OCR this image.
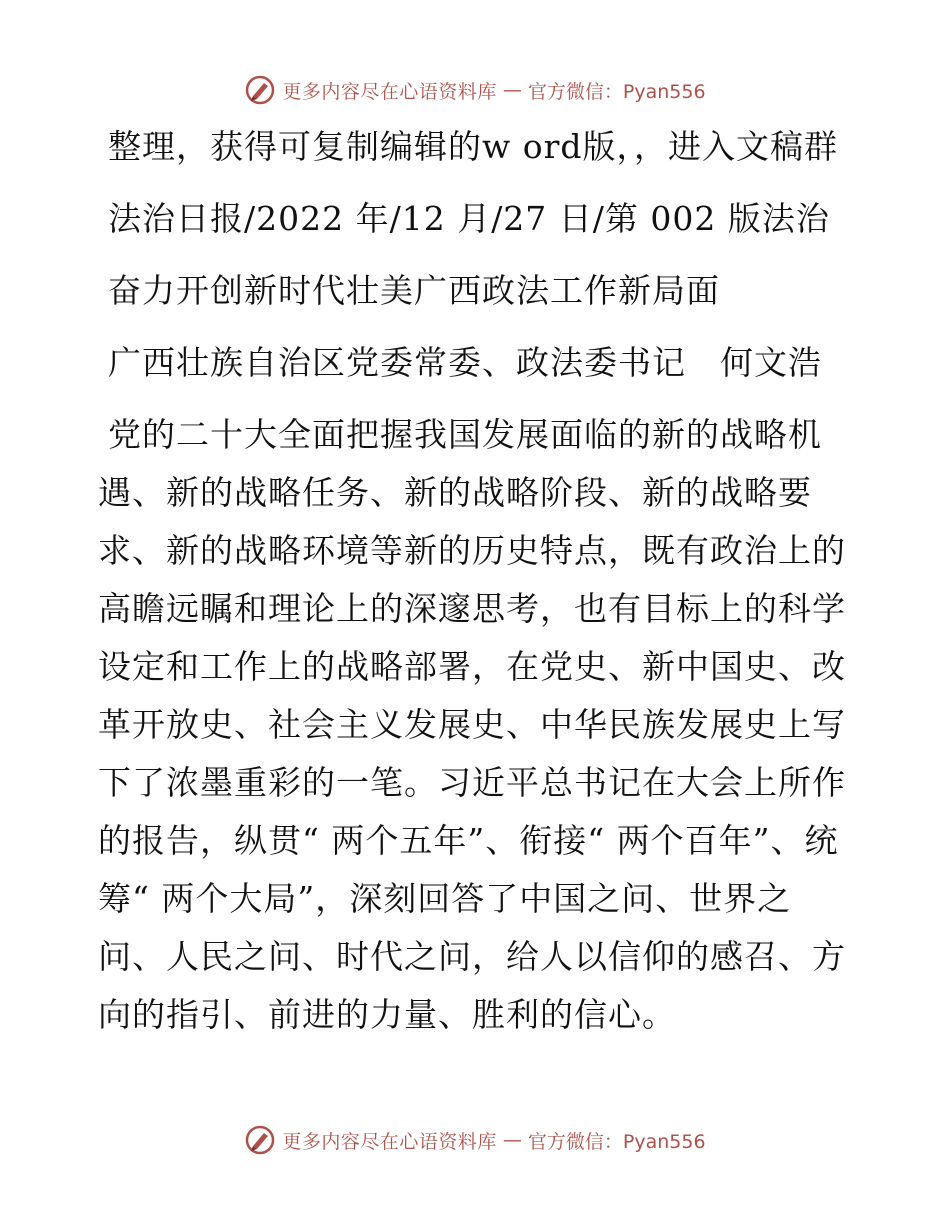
更多内容尽在心语资料库 — 官方微信：Pyan556

整理，获得可复制编辑的w ord版，，进入文稿群

法治日报/2022 年/12 月/27 日/第 002 版法治

奋力开创新时代壮美广西政法工作新局面

广西壮族自治区党委常委、政法委书记　何文浩

党的二十大全面把握我国发展面临的新的战略机遇、新的战略任务、新的战略阶段、新的战略要求、新的战略环境等新的历史特点，既有政治上的高瞻远瞩和理论上的深邃思考，也有目标上的科学设定和工作上的战略部署，在党史、新中国史、改革开放史、社会主义发展史、中华民族发展史上写下了浓墨重彩的一笔。习近平总书记在大会上所作的报告，纵贯“ 两个五年”、衔接“ 两个百年”、统筹“ 两个大局”，深刻回答了中国之问、世界之问、人民之问、时代之问，给人以信仰的感召、方向的指引、前进的力量、胜利的信心。

更多内容尽在心语资料库 — 官方微信：Pyan556
